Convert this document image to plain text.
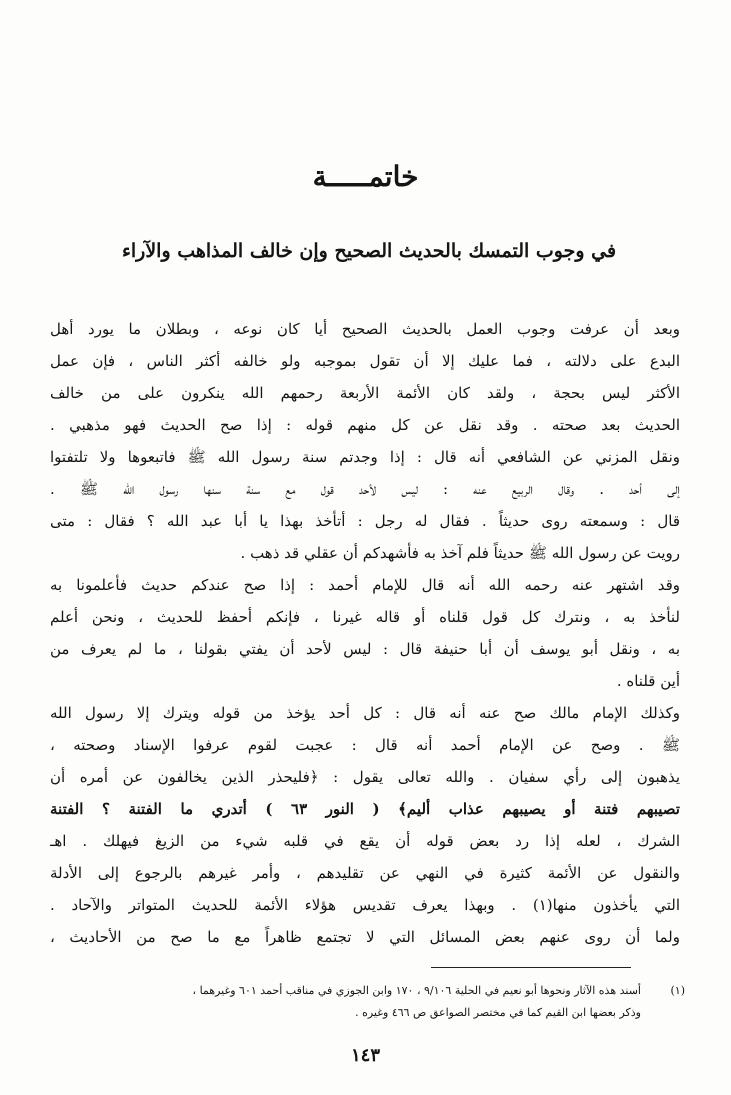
خاتمـــــة
في وجوب التمسك بالحديث الصحيح وإن خالف المذاهب والآراء
وبعد أن عرفت وجوب العمل بالحديث الصحيح أيا كان نوعه ، وبطلان ما يورد أهل
البدع على دلالته ، فما عليك إلا أن تقول بموجبه ولو خالفه أكثر الناس ، فإن عمل
الأكثر ليس بحجة ، ولقد كان الأئمة الأربعة رحمهم الله ينكرون على من خالف
الحديث بعد صحته . وقد نقل عن كل منهم قوله : إذا صح الحديث فهو مذهبي .
ونقل المزني عن الشافعي أنه قال : إذا وجدتم سنة رسول الله ﷺ فاتبعوها ولا تلتفتوا
إلى أحد . وقال الربيع عنه : ليس لأحد قول مع سنة سنها رسول الله ﷺ .
قال : وسمعته روى حديثاً . فقال له رجل : أتأخذ بهذا يا أبا عبد الله ؟ فقال : متى
رويت عن رسول الله ﷺ حديثاً فلم آخذ به فأشهدكم أن عقلي قد ذهب .
وقد اشتهر عنه رحمه الله أنه قال للإمام أحمد : إذا صح عندكم حديث فأعلمونا به
لنأخذ به ، ونترك كل قول قلناه أو قاله غيرنا ، فإنكم أحفظ للحديث ، ونحن أعلم
به ، ونقل أبو يوسف أن أبا حنيفة قال : ليس لأحد أن يفتي بقولنا ، ما لم يعرف من
أين قلناه .
وكذلك الإمام مالك صح عنه أنه قال : كل أحد يؤخذ من قوله ويترك إلا رسول الله
ﷺ . وصح عن الإمام أحمد أنه قال : عجبت لقوم عرفوا الإسناد وصحته ،
يذهبون إلى رأي سفيان . والله تعالى يقول : ﴿فليحذر الذين يخالفون عن أمره أن
تصيبهم فتنة أو يصيبهم عذاب أليم﴾ ( النور ٦٣ ) أتدري ما الفتنة ؟ الفتنة
الشرك ، لعله إذا رد بعض قوله أن يقع في قلبه شيء من الزيغ فيهلك . اهـ
والنقول عن الأئمة كثيرة في النهي عن تقليدهم ، وأمر غيرهم بالرجوع إلى الأدلة
التي يأخذون منها(١) . وبهذا يعرف تقديس هؤلاء الأئمة للحديث المتواتر والآحاد .
ولما أن روى عنهم بعض المسائل التي لا تجتمع ظاهراً مع ما صح من الأحاديث ،
(١)أسند هذه الآثار ونحوها أبو نعيم في الحلية ٩/١٠٦ ، ١٧٠ وابن الجوزي في مناقب أحمد ٦٠١ وغيرهما ،
وذكر بعضها ابن القيم كما في مختصر الصواعق ص ٤٦٦ وغيره .
١٤٣
